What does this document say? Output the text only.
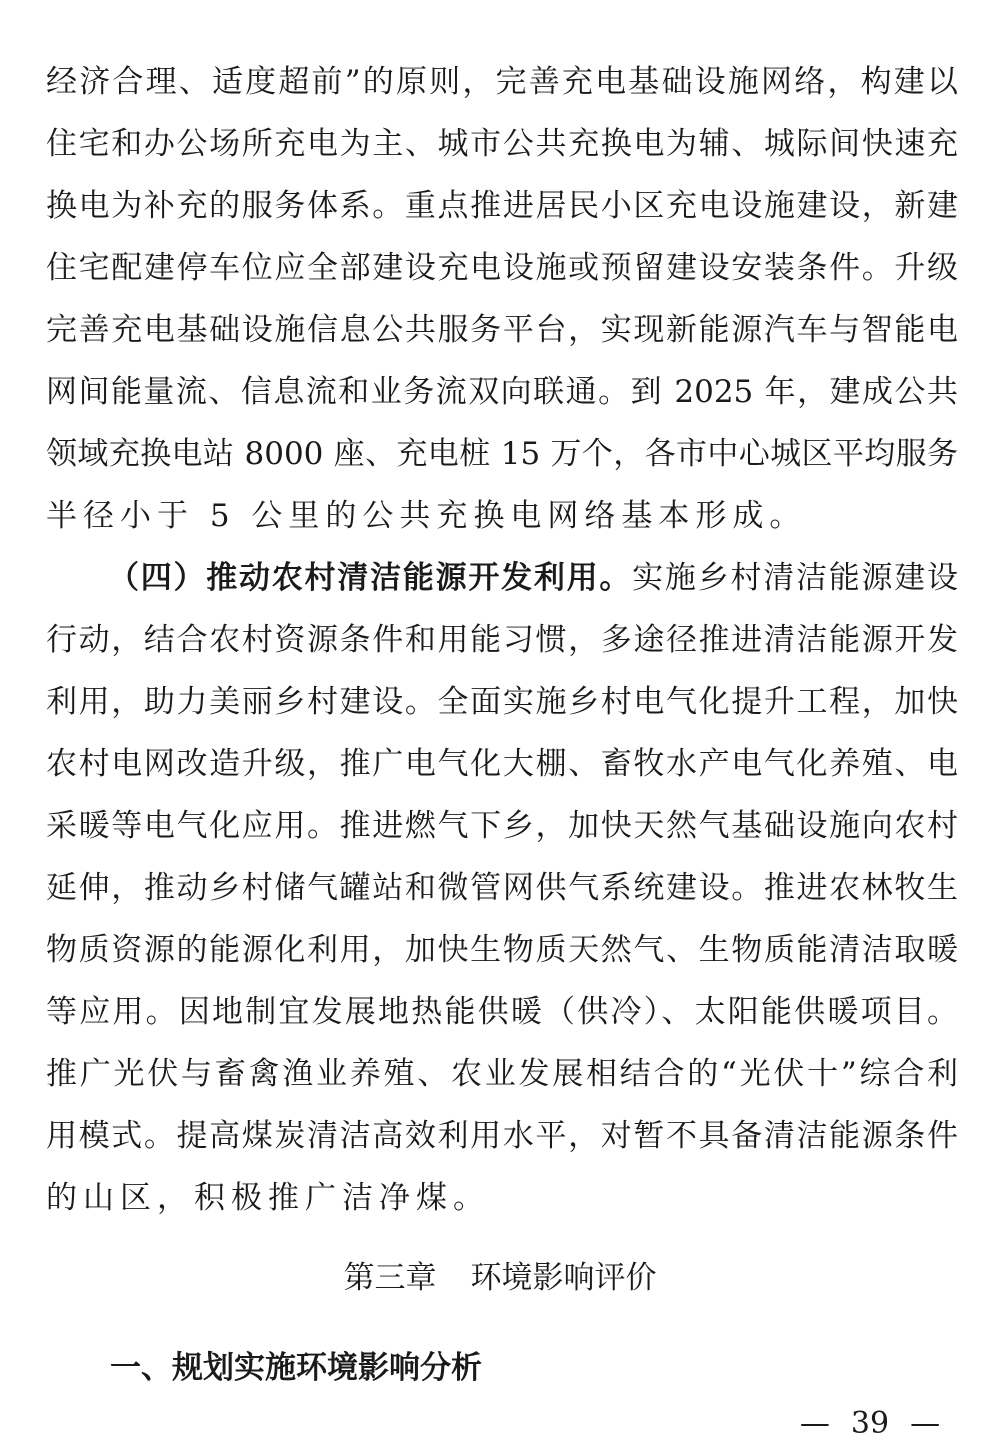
经济合理、适度超前”的原则，完善充电基础设施网络，构建以
住宅和办公场所充电为主、城市公共充换电为辅、城际间快速充
换电为补充的服务体系。重点推进居民小区充电设施建设，新建
住宅配建停车位应全部建设充电设施或预留建设安装条件。升级
完善充电基础设施信息公共服务平台，实现新能源汽车与智能电
网间能量流、信息流和业务流双向联通。到 2025 年，建成公共
领域充换电站 8000 座、充电桩 15 万个，各市中心城区平均服务
半径小于 5 公里的公共充换电网络基本形成。
（四）推动农村清洁能源开发利用。实施乡村清洁能源建设
行动，结合农村资源条件和用能习惯，多途径推进清洁能源开发
利用，助力美丽乡村建设。全面实施乡村电气化提升工程，加快
农村电网改造升级，推广电气化大棚、畜牧水产电气化养殖、电
采暖等电气化应用。推进燃气下乡，加快天然气基础设施向农村
延伸，推动乡村储气罐站和微管网供气系统建设。推进农林牧生
物质资源的能源化利用，加快生物质天然气、生物质能清洁取暖
等应用。因地制宜发展地热能供暖（供冷）、太阳能供暖项目。
推广光伏与畜禽渔业养殖、农业发展相结合的“光伏十”综合利
用模式。提高煤炭清洁高效利用水平，对暂不具备清洁能源条件
的山区，积极推广洁净煤。
第三章 环境影响评价
一、规划实施环境影响分析
— 39 —
